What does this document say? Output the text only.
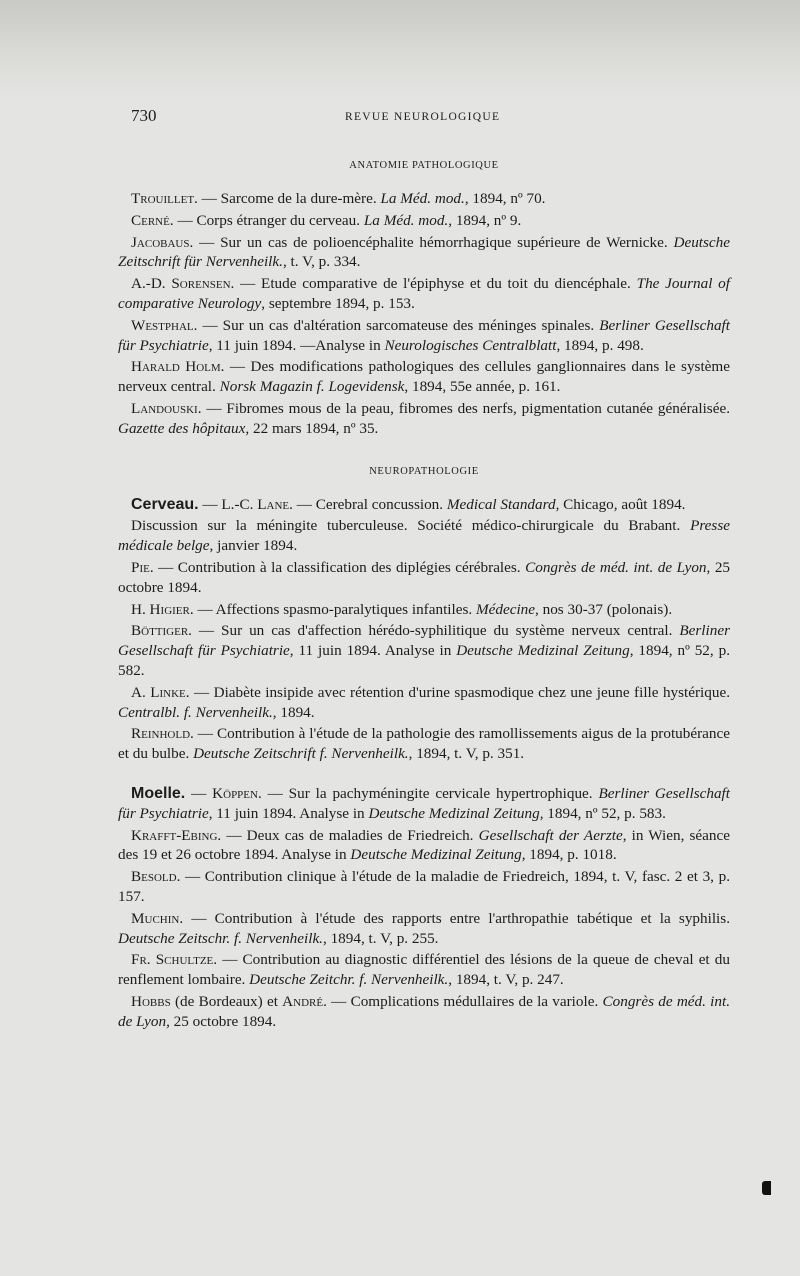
730	REVUE NEUROLOGIQUE
ANATOMIE PATHOLOGIQUE

Trouillet. — Sarcome de la dure-mère. La Méd. mod., 1894, nº 70.

Cerné. — Corps étranger du cerveau. La Méd. mod., 1894, nº 9.

Jacobaus. — Sur un cas de polioencéphalite hémorrhagique supérieure de Wernicke. Deutsche Zeitschrift für Nervenheilk., t. V, p. 334.

A.-D. Sorensen. — Etude comparative de l'épiphyse et du toit du diencéphale. The Journal of comparative Neurology, septembre 1894, p. 153.

Westphal. — Sur un cas d'altération sarcomateuse des méninges spinales. Berliner Gesellschaft für Psychiatrie, 11 juin 1894. —Analyse in Neurologisches Centralblatt, 1894, p. 498.

Harald Holm. — Des modifications pathologiques des cellules ganglionnaires dans le système nerveux central. Norsk Magazin f. Logevidensk, 1894, 55e année, p. 161.

Landouski. — Fibromes mous de la peau, fibromes des nerfs, pigmentation cutanée généralisée. Gazette des hôpitaux, 22 mars 1894, nº 35.

NEUROPATHOLOGIE

Cerveau. — L.-C. Lane. — Cerebral concussion. Medical Standard, Chicago, août 1894.

Discussion sur la méningite tuberculeuse. Société médico-chirurgicale du Brabant. Presse médicale belge, janvier 1894.

Pie. — Contribution à la classification des diplégies cérébrales. Congrès de méd. int. de Lyon, 25 octobre 1894.

H. Higier. — Affections spasmo-paralytiques infantiles. Médecine, nos 30-37 (polonais).

Böttiger. — Sur un cas d'affection hérédo-syphilitique du système nerveux central. Berliner Gesellschaft für Psychiatrie, 11 juin 1894. Analyse in Deutsche Medizinal Zeitung, 1894, nº 52, p. 582.

A. Linke. — Diabète insipide avec rétention d'urine spasmodique chez une jeune fille hystérique. Centralbl. f. Nervenheilk., 1894.

Reinhold. — Contribution à l'étude de la pathologie des ramollissements aigus de la protubérance et du bulbe. Deutsche Zeitschrift f. Nervenheilk., 1894, t. V, p. 351.

Moelle. — Köppen. — Sur la pachyméningite cervicale hypertrophique. Berliner Gesellschaft für Psychiatrie, 11 juin 1894. Analyse in Deutsche Medizinal Zeitung, 1894, nº 52, p. 583.

Krafft-Ebing. — Deux cas de maladies de Friedreich. Gesellschaft der Aerzte, in Wien, séance des 19 et 26 octobre 1894. Analyse in Deutsche Medizinal Zeitung, 1894, p. 1018.

Besold. — Contribution clinique à l'étude de la maladie de Friedreich, 1894, t. V, fasc. 2 et 3, p. 157.

Muchin. — Contribution à l'étude des rapports entre l'arthropathie tabétique et la syphilis. Deutsche Zeitschr. f. Nervenheilk., 1894, t. V, p. 255.

Fr. Schultze. — Contribution au diagnostic différentiel des lésions de la queue de cheval et du renflement lombaire. Deutsche Zeitchr. f. Nervenheilk., 1894, t. V, p. 247.

Hobbs (de Bordeaux) et André. — Complications médullaires de la variole. Congrès de méd. int. de Lyon, 25 octobre 1894.
